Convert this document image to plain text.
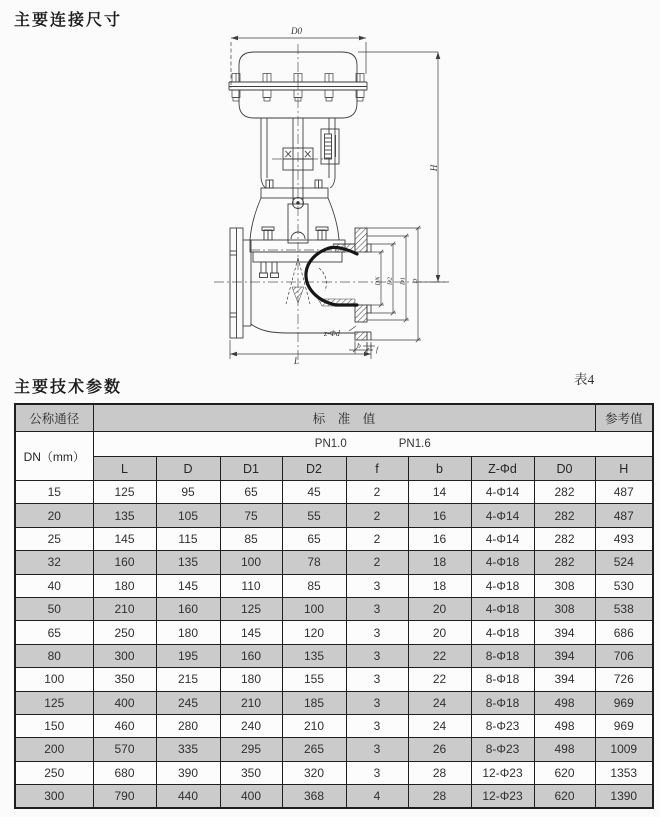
主要连接尺寸
D0
H
L
DN D2 D1 D
z-Φd
b f
主要技术参数	表4
公称通径	标　准　值								参考值
DN（mm）	PN1.0 PN1.6								

	L	D	D1	D2	f	b	Z-Φd	D0	H
15	125	95	65	45	2	14	4-Φ14	282	487
20	135	105	75	55	2	16	4-Φ14	282	487
25	145	115	85	65	2	16	4-Φ14	282	493
32	160	135	100	78	2	18	4-Φ18	282	524
40	180	145	110	85	3	18	4-Φ18	308	530
50	210	160	125	100	3	20	4-Φ18	308	538
65	250	180	145	120	3	20	4-Φ18	394	686
80	300	195	160	135	3	22	8-Φ18	394	706
100	350	215	180	155	3	22	8-Φ18	394	726
125	400	245	210	185	3	24	8-Φ18	498	969
150	460	280	240	210	3	24	8-Φ23	498	969
200	570	335	295	265	3	26	8-Φ23	498	1009
250	680	390	350	320	3	28	12-Φ23	620	1353
300	790	440	400	368	4	28	12-Φ23	620	1390
